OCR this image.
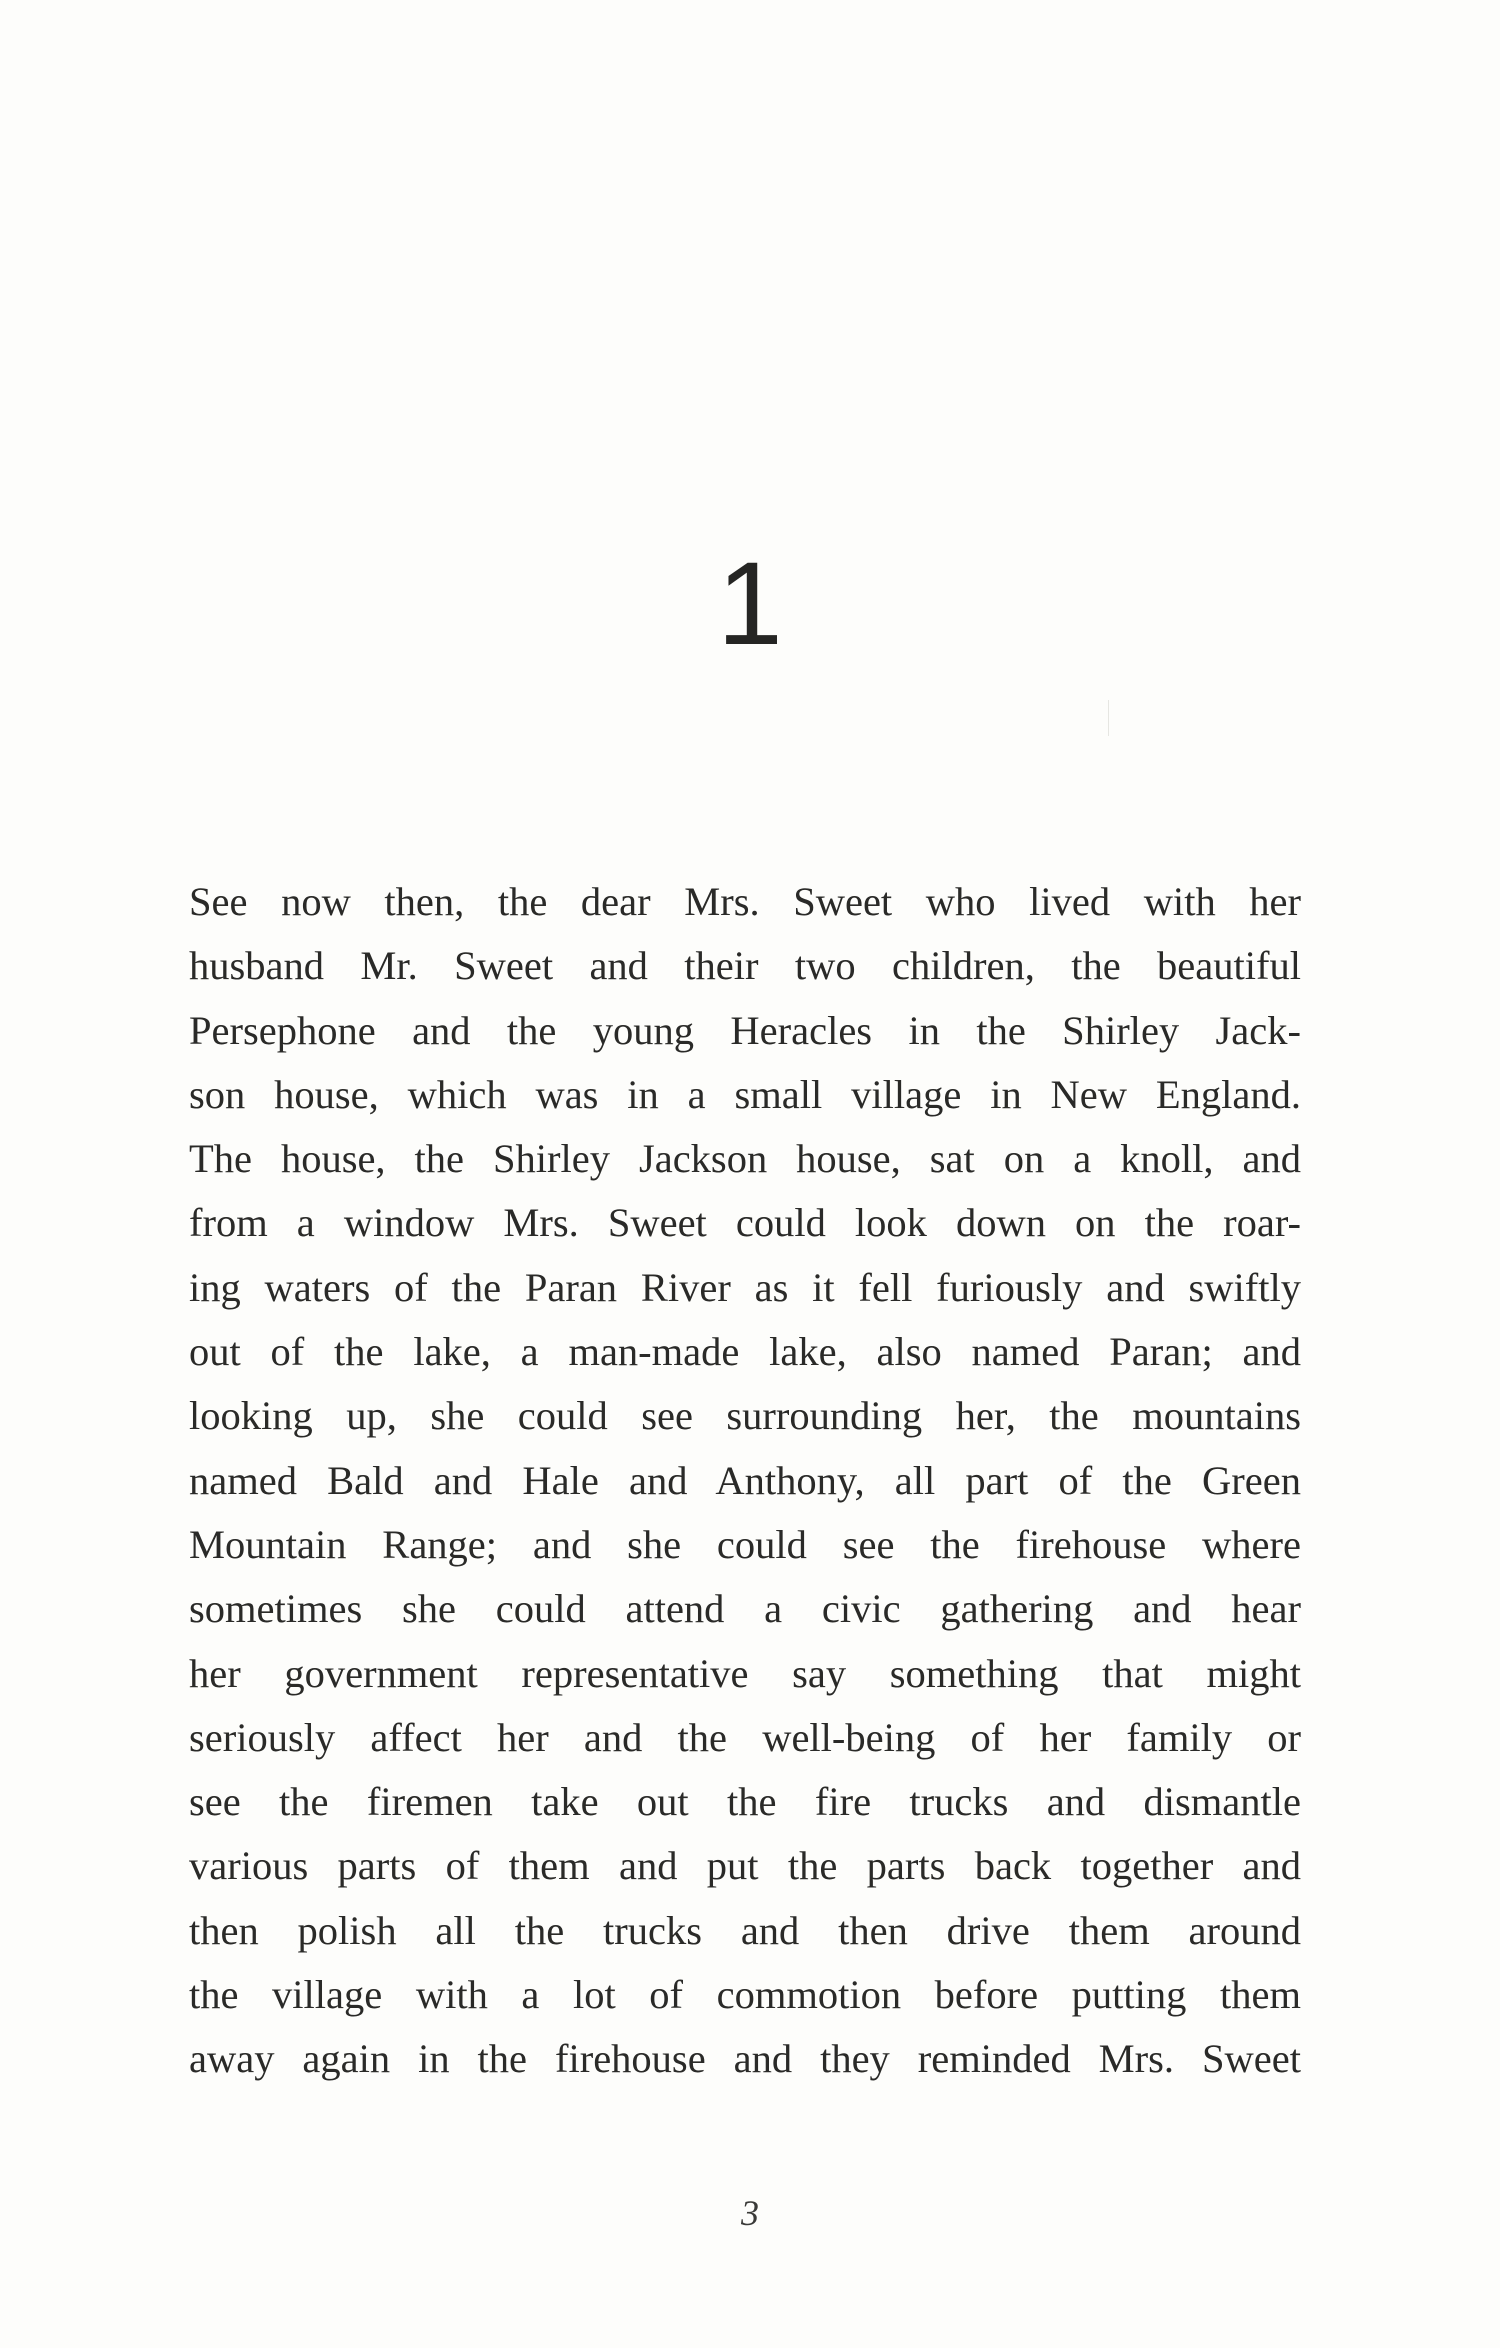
1
See now then, the dear Mrs. Sweet who lived with her
husband Mr. Sweet and their two children, the beautiful
Persephone and the young Heracles in the Shirley Jack-
son house, which was in a small village in New England.
The house, the Shirley Jackson house, sat on a knoll, and
from a window Mrs. Sweet could look down on the roar-
ing waters of the Paran River as it fell furiously and swiftly
out of the lake, a man-made lake, also named Paran; and
looking up, she could see surrounding her, the mountains
named Bald and Hale and Anthony, all part of the Green
Mountain Range; and she could see the firehouse where
sometimes she could attend a civic gathering and hear
her government representative say something that might
seriously affect her and the well-being of her family or
see the firemen take out the fire trucks and dismantle
various parts of them and put the parts back together and
then polish all the trucks and then drive them around
the village with a lot of commotion before putting them
away again in the firehouse and they reminded Mrs. Sweet
3
